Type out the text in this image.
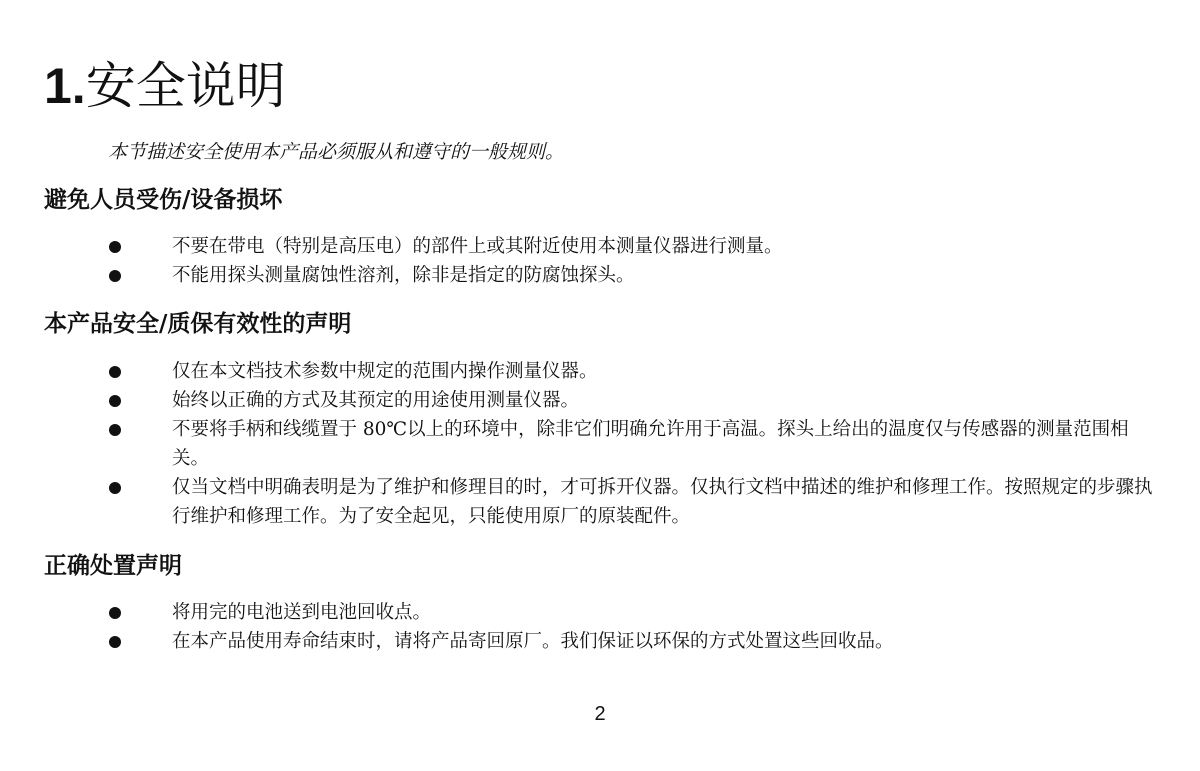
1.安全说明

本节描述安全使用本产品必须服从和遵守的一般规则。

避免人员受伤/设备损坏
不要在带电（特别是高压电）的部件上或其附近使用本测量仪器进行测量。
不能用探头测量腐蚀性溶剂，除非是指定的防腐蚀探头。
本产品安全/质保有效性的声明
仅在本文档技术参数中规定的范围内操作测量仪器。
始终以正确的方式及其预定的用途使用测量仪器。
不要将手柄和线缆置于 80℃以上的环境中，除非它们明确允许用于高温。探头上给出的温度仅与传感器的测量范围相关。
仅当文档中明确表明是为了维护和修理目的时，才可拆开仪器。仅执行文档中描述的维护和修理工作。按照规定的步骤执行维护和修理工作。为了安全起见，只能使用原厂的原装配件。
正确处置声明
将用完的电池送到电池回收点。
在本产品使用寿命结束时，请将产品寄回原厂。我们保证以环保的方式处置这些回收品。
2
